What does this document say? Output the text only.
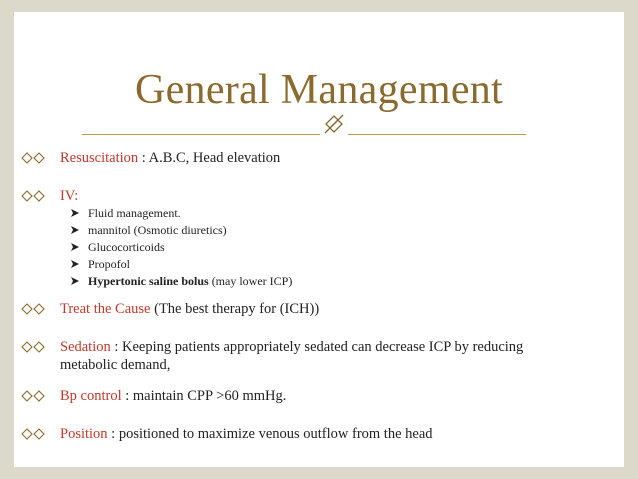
General Management
Resuscitation : A.B.C, Head elevation
IV:
Fluid management.
mannitol (Osmotic diuretics)
Glucocorticoids
Propofol
Hypertonic saline bolus (may lower ICP)
Treat the Cause (The best therapy for (ICH))
Sedation : Keeping patients appropriately sedated can decrease ICP by reducing
metabolic demand,
Bp control : maintain CPP >60 mmHg.
Position : positioned to maximize venous outflow from the head
